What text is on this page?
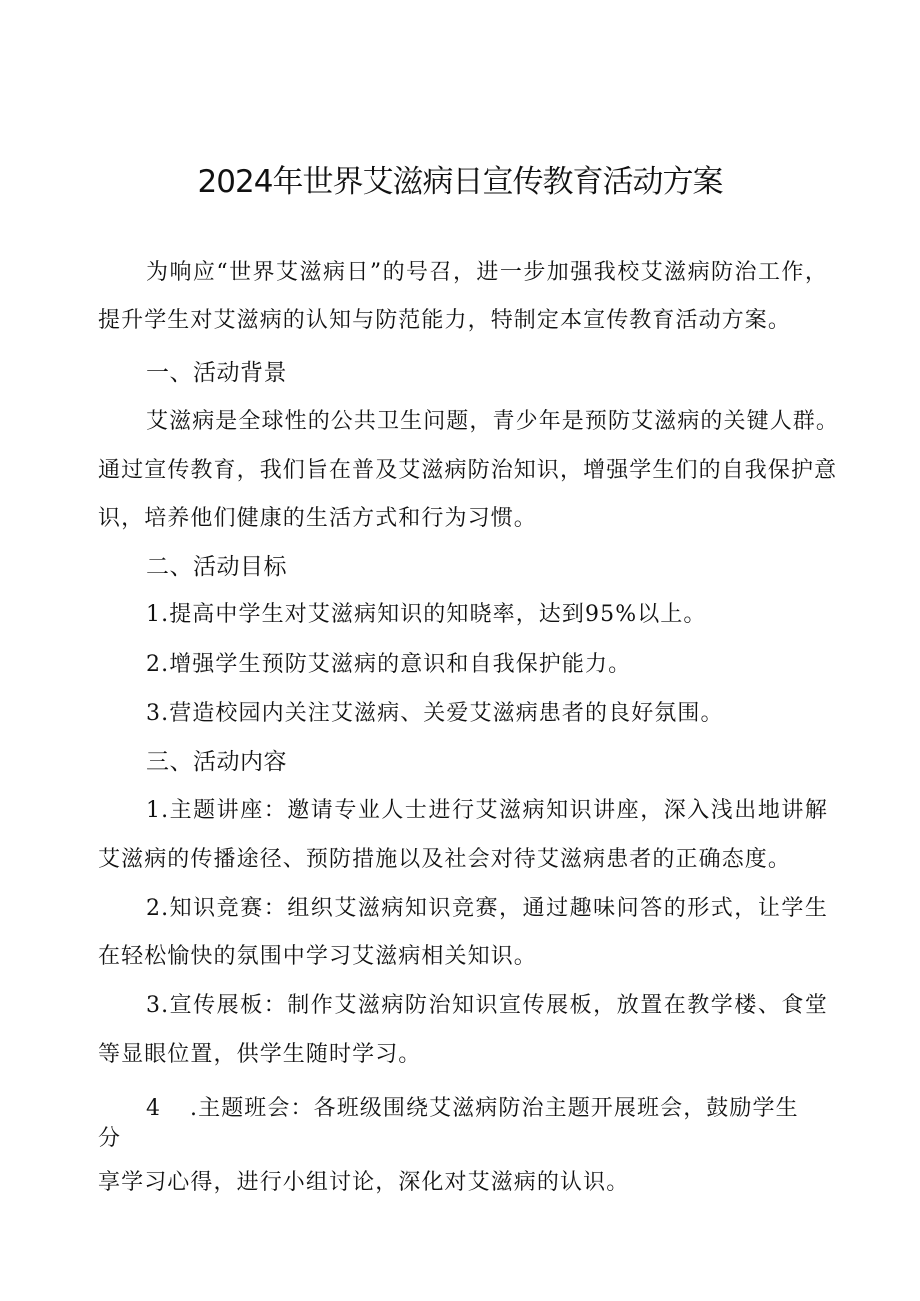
2024年世界艾滋病日宣传教育活动方案
为响应“世界艾滋病日”的号召，进一步加强我校艾滋病防治工作，
提升学生对艾滋病的认知与防范能力，特制定本宣传教育活动方案。
一、活动背景
艾滋病是全球性的公共卫生问题，青少年是预防艾滋病的关键人群。
通过宣传教育，我们旨在普及艾滋病防治知识，增强学生们的自我保护意
识，培养他们健康的生活方式和行为习惯。
二、活动目标
1.提高中学生对艾滋病知识的知晓率，达到95%以上。
2.增强学生预防艾滋病的意识和自我保护能力。
3.营造校园内关注艾滋病、关爱艾滋病患者的良好氛围。
三、活动内容
1.主题讲座：邀请专业人士进行艾滋病知识讲座，深入浅出地讲解
艾滋病的传播途径、预防措施以及社会对待艾滋病患者的正确态度。
2.知识竞赛：组织艾滋病知识竞赛，通过趣味问答的形式，让学生
在轻松愉快的氛围中学习艾滋病相关知识。
3.宣传展板：制作艾滋病防治知识宣传展板，放置在教学楼、食堂
等显眼位置，供学生随时学习。
4 .主题班会：各班级围绕艾滋病防治主题开展班会，鼓励学生
分
享学习心得，进行小组讨论，深化对艾滋病的认识。
